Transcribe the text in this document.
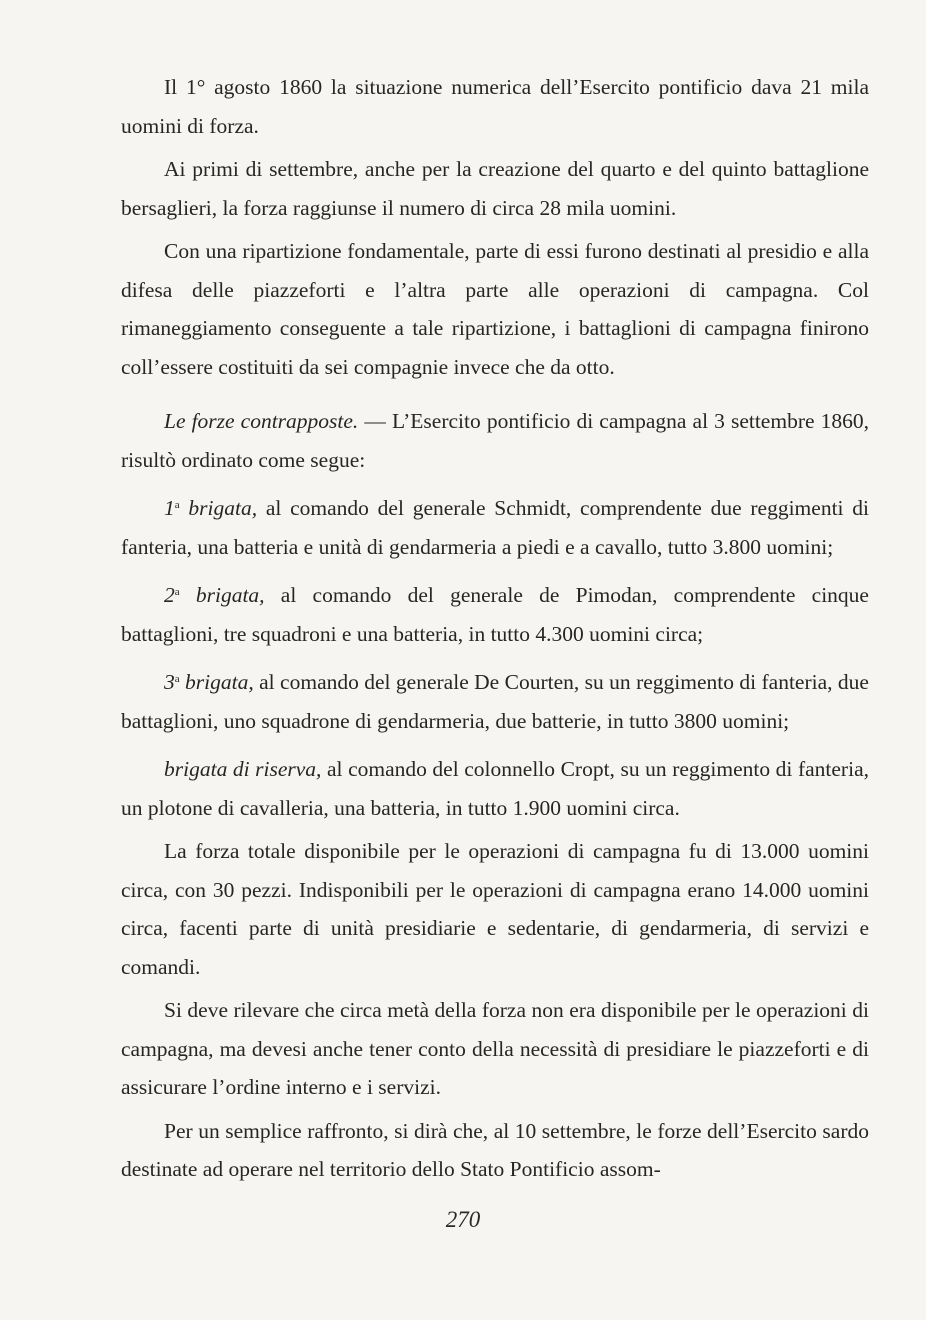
Il 1° agosto 1860 la situazione numerica dell’Esercito pontificio dava 21 mila uomini di forza.

Ai primi di settembre, anche per la creazione del quarto e del quinto battaglione bersaglieri, la forza raggiunse il numero di circa 28 mila uomini.

Con una ripartizione fondamentale, parte di essi furono destinati al presidio e alla difesa delle piazzeforti e l’altra parte alle operazioni di campagna. Col rimaneggiamento conseguente a tale ripartizione, i battaglioni di campagna finirono coll’essere costituiti da sei compagnie invece che da otto.

Le forze contrapposte. — L’Esercito pontificio di campagna al 3 settembre 1860, risultò ordinato come segue:

1$^a$ brigata, al comando del generale Schmidt, comprendente due reggimenti di fanteria, una batteria e unità di gendarmeria a piedi e a cavallo, tutto 3.800 uomini;

2$^a$ brigata, al comando del generale de Pimodan, comprendente cinque battaglioni, tre squadroni e una batteria, in tutto 4.300 uomini circa;

3$^a$ brigata, al comando del generale De Courten, su un reggimento di fanteria, due battaglioni, uno squadrone di gendarmeria, due batterie, in tutto 3800 uomini;

brigata di riserva, al comando del colonnello Cropt, su un reggimento di fanteria, un plotone di cavalleria, una batteria, in tutto 1.900 uomini circa.

La forza totale disponibile per le operazioni di campagna fu di 13.000 uomini circa, con 30 pezzi. Indisponibili per le operazioni di campagna erano 14.000 uomini circa, facenti parte di unità presidiarie e sedentarie, di gendarmeria, di servizi e comandi.

Si deve rilevare che circa metà della forza non era disponibile per le operazioni di campagna, ma devesi anche tener conto della necessità di presidiare le piazzeforti e di assicurare l’ordine interno e i servizi.

Per un semplice raffronto, si dirà che, al 10 settembre, le forze dell’Esercito sardo destinate ad operare nel territorio dello Stato Pontificio assom-

270
